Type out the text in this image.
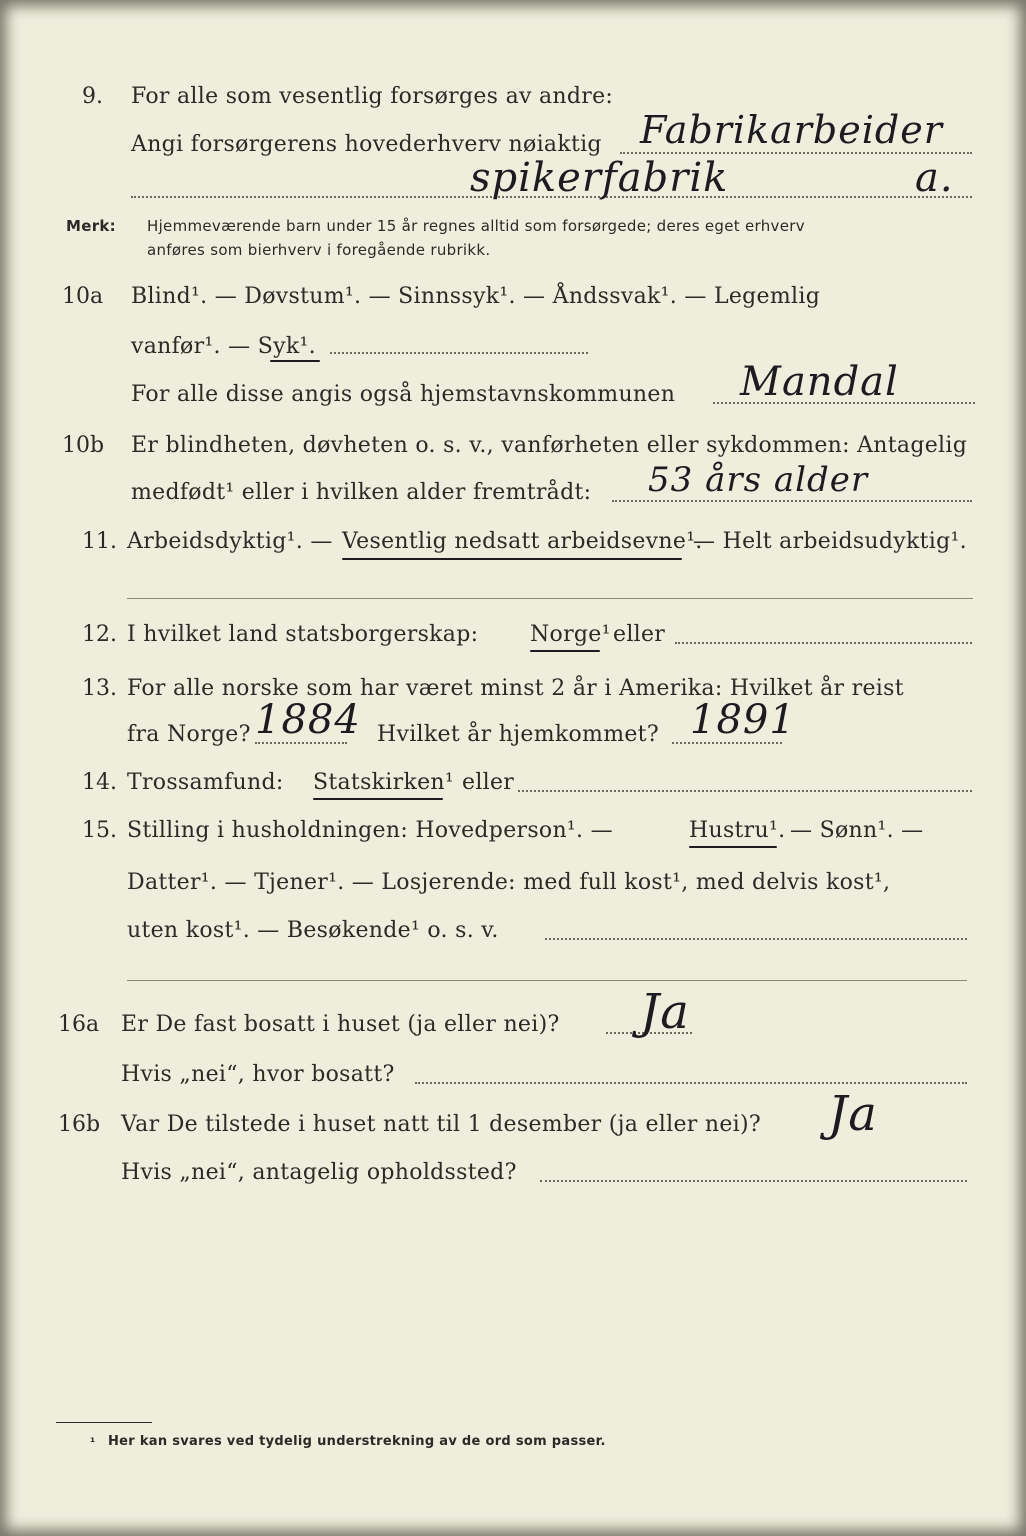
9. For alle som vesentlig forsørges av andre:
Angi forsørgerens hovederhverv nøiaktig Fabrikarbeider
spikerfabrik	a.
Merk: Hjemmeværende barn under 15 år regnes alltid som forsørgede; deres eget erhverv
anføres som bierhverv i foregående rubrikk.
10a Blind¹. — Døvstum¹. — Sinnssyk¹. — Åndssvak¹. — Legemlig
vanfør¹. — Syk¹.
For alle disse angis også hjemstavnskommunen Mandal
10b Er blindheten, døvheten o. s. v., vanførheten eller sykdommen: Antagelig
medfødt¹ eller i hvilken alder fremtrådt: 53 års alder
11. Arbeidsdyktig¹. — Vesentlig nedsatt arbeidsevne¹.
— Helt arbeidsudyktig¹.
12. I hvilket land statsborgerskap: Norge¹ eller
13. For alle norske som har været minst 2 år i Amerika: Hvilket år reist
fra Norge? 1884 Hvilket år hjemkommet? 1891
14. Trossamfund: Statskirken¹ eller
15. Stilling i husholdningen: Hovedperson¹. —	Hustru¹. — Sønn¹. —
Datter¹. — Tjener¹. — Losjerende: med full kost¹, med delvis kost¹,
uten kost¹. — Besøkende¹ o. s. v.
16a Er De fast bosatt i huset (ja eller nei)? Ja
Hvis „nei“, hvor bosatt?
16b Var De tilstede i huset natt til 1 desember (ja eller nei)? Ja
Hvis „nei“, antagelig opholdssted?
¹ Her kan svares ved tydelig understrekning av de ord som passer.
